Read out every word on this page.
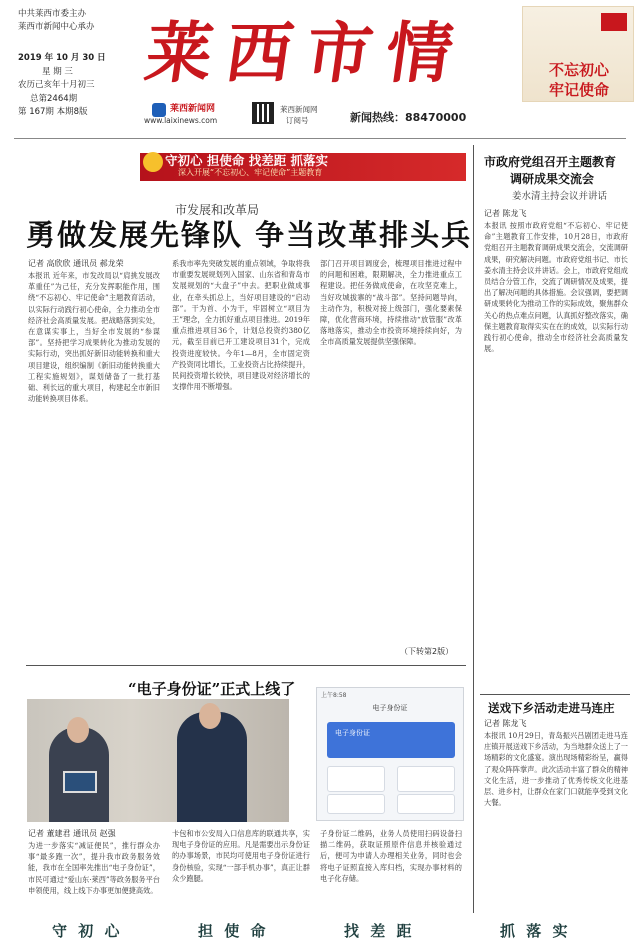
中共莱西市委主办
莱西市新闻中心承办
2019 年 10 月 30 日
星 期 三
农历己亥年十月初三
总第2464期
第 167期 本期8版
莱西市情	不忘初心
牢记使命
莱西新闻网
www.laixinews.com
莱西新闻网
订阅号	新闻热线：88470000
守初心 担使命 找差距 抓落实
深入开展“不忘初心、牢记使命”主题教育
市发展和改革局
勇做发展先锋队 争当改革排头兵
记者 高欣欣 通讯员 郝龙荣
本报讯 近年来，市发改局以“肩挑发展改革重任”为己任，充分发挥职能作用，围绕“不忘初心、牢记使命”主题教育活动，以实际行动践行初心使命，全力推动全市经济社会高质量发展。把战略落到实处，在意谋实事上，当好全市发展的“参谋部”。坚持把学习成果转化为推动发展的实际行动，突出抓好新旧动能转换和重大项目建设，组织编制《新旧动能转换重大工程实施规划》，谋划储备了一批打基础、利长远的重大项目，构建起全市新旧动能转换项目体系。
系我市率先突破发展的重点领域，争取将我市重要发展规划列入国家、山东省和青岛市发展规划的“大盘子”中去。把职业做成事业，在牵头抓总上，当好项目建设的“启动部”。干为首、小为干，牢固树立“项目为王”理念，全力抓好重点项目推进。2019年重点推进项目36个，计划总投资约380亿元，截至目前已开工建设项目31个，完成投资进度较快。今年1—8月，全市固定资产投资同比增长，工业投资占比持续提升，民间投资增长较快，项目建设对经济增长的支撑作用不断增强。
部门召开项目调度会，梳理项目推进过程中的问题和困难，限期解决，全力推进重点工程建设。把任务做成使命，在攻坚克难上，当好攻城拔寨的“战斗部”。坚持问题导向，主动作为，积极对接上级部门，强化要素保障，优化营商环境，持续推动“放管服”改革落地落实，推动全市投资环境持续向好，为全市高质量发展提供坚强保障。
（下转第2版）
“电子身份证”正式上线了	上午8:58
电子身份证
电子身份证
记者 董建君 通讯员 赵强
为进一步落实“减证便民”，推行群众办事“最多跑一次”，提升我市政务服务效能，我市在全国率先推出“电子身份证”，市民可通过“爱山东·莱西”等政务服务平台申领使用，线上线下办事更加便捷高效。
卡包和市公安局入口信息库的联通共享，实现电子身份证的应用。凡是需要出示身份证的办事场景，市民均可使用电子身份证进行身份核验，实现“一部手机办事”，真正让群众少跑腿。
子身份证二维码，业务人员使用扫码设备扫描二维码，获取证照原件信息并核验通过后，便可为申请人办理相关业务，同时也会将电子证照直接入库归档，实现办事材料的电子化存储。
市政府党组召开主题教育
调研成果交流会
姜水清主持会议并讲话
记者 陈龙飞
本报讯 按照市政府党组“不忘初心、牢记使命”主题教育工作安排，10月28日，市政府党组召开主题教育调研成果交流会，交流调研成果，研究解决问题。市政府党组书记、市长姜水清主持会议并讲话。会上，市政府党组成员结合分管工作，交流了调研情况及成果，提出了解决问题的具体措施。会议强调，要把调研成果转化为推动工作的实际成效，聚焦群众关心的热点难点问题，认真抓好整改落实，确保主题教育取得实实在在的成效，以实际行动践行初心使命，推动全市经济社会高质量发展。
送戏下乡活动走进马连庄
记者 陈龙飞
本报讯 10月29日，青岛振兴吕剧团走进马连庄镇开展送戏下乡活动，为当地群众送上了一场精彩的文化盛宴。演出现场精彩纷呈，赢得了观众阵阵掌声。此次活动丰富了群众的精神文化生活，进一步推动了优秀传统文化进基层、进乡村，让群众在家门口就能享受到文化大餐。
守 初 心	担 使 命	找 差 距	抓 落 实
